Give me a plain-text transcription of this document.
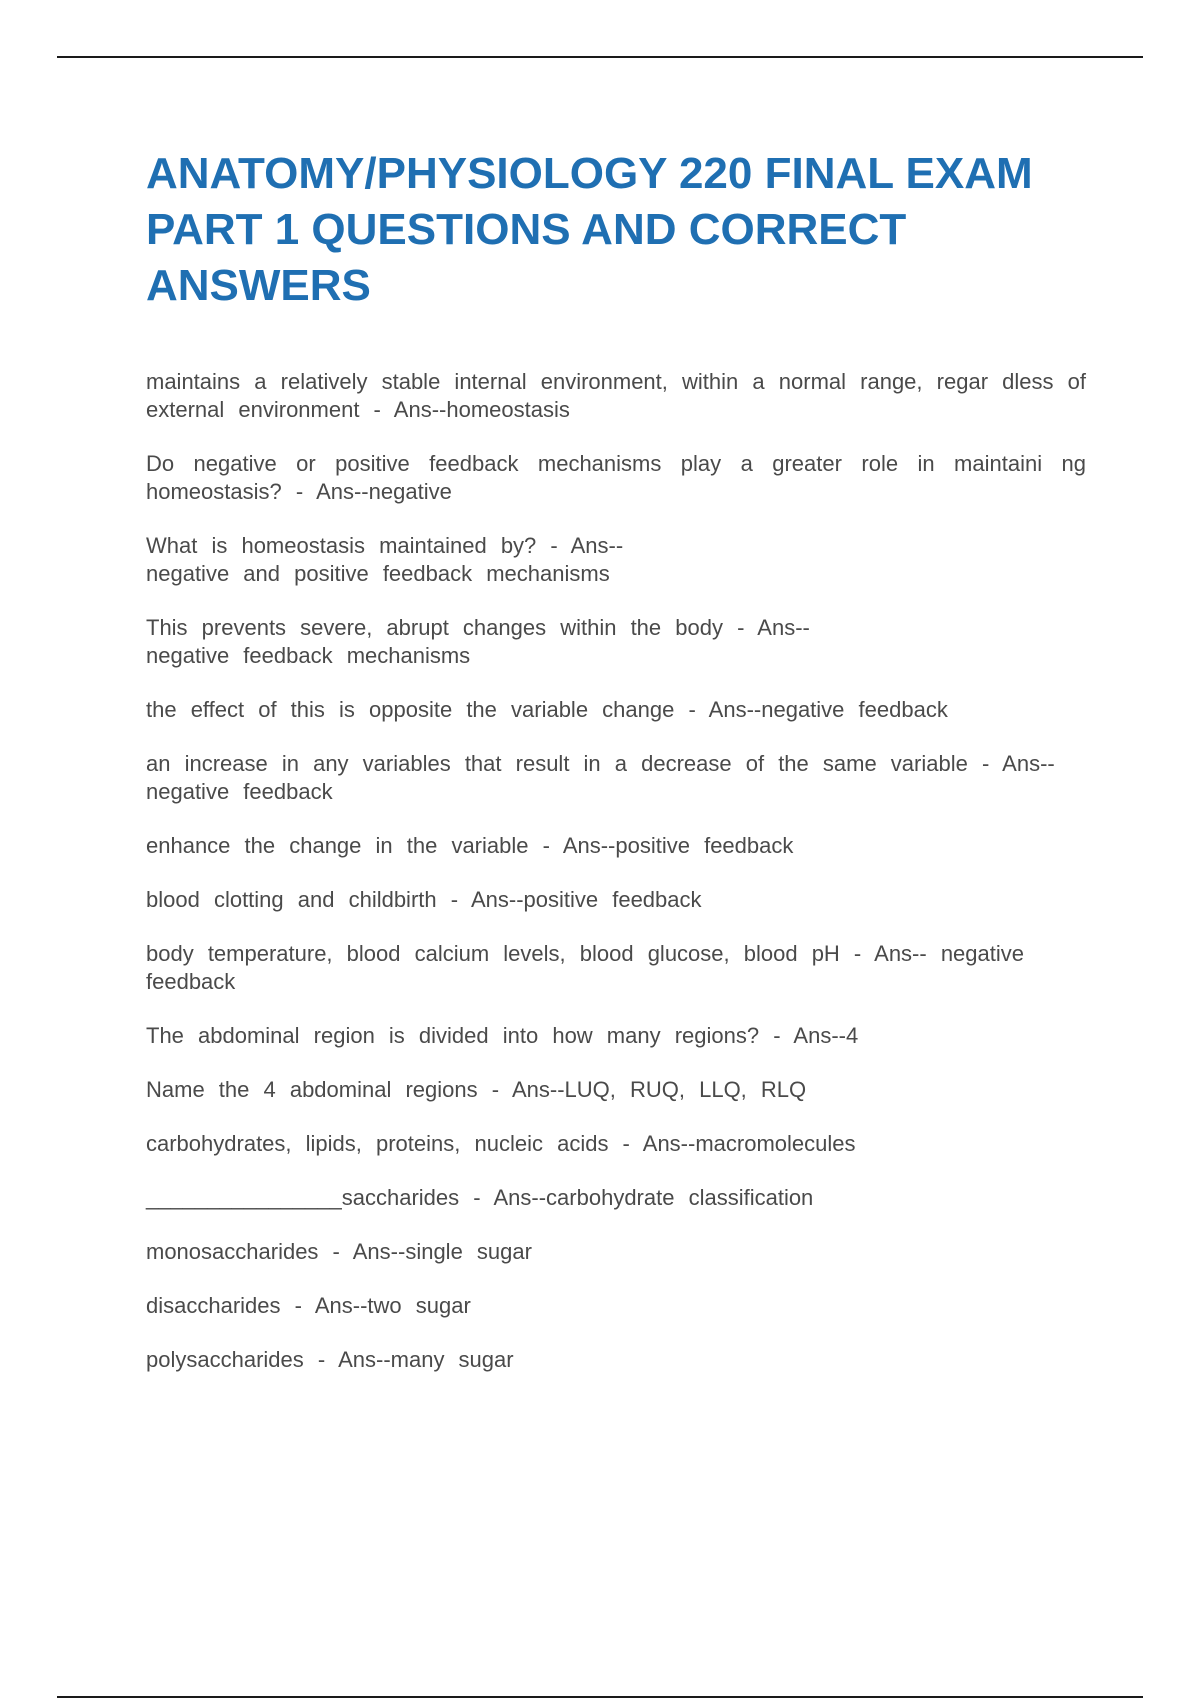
ANATOMY/PHYSIOLOGY 220 FINAL EXAM PART 1 QUESTIONS AND CORRECT ANSWERS
maintains a relatively stable internal environment, within a normal range, regar dless of external environment - Ans--homeostasis
Do negative or positive feedback mechanisms play a greater role in maintaini ng homeostasis? - Ans--negative
What is homeostasis maintained by? - Ans-- negative and positive feedback mechanisms
This prevents severe, abrupt changes within the body - Ans-- negative feedback mechanisms
the effect of this is opposite the variable change - Ans--negative feedback
an increase in any variables that result in a decrease of the same variable - Ans--negative feedback
enhance the change in the variable - Ans--positive feedback
blood clotting and childbirth - Ans--positive feedback
body temperature, blood calcium levels, blood glucose, blood pH - Ans-- negative feedback
The abdominal region is divided into how many regions? - Ans--4
Name the 4 abdominal regions - Ans--LUQ, RUQ, LLQ, RLQ
carbohydrates, lipids, proteins, nucleic acids - Ans--macromolecules
________________saccharides - Ans--carbohydrate classification
monosaccharides - Ans--single sugar
disaccharides - Ans--two sugar
polysaccharides - Ans--many sugar
